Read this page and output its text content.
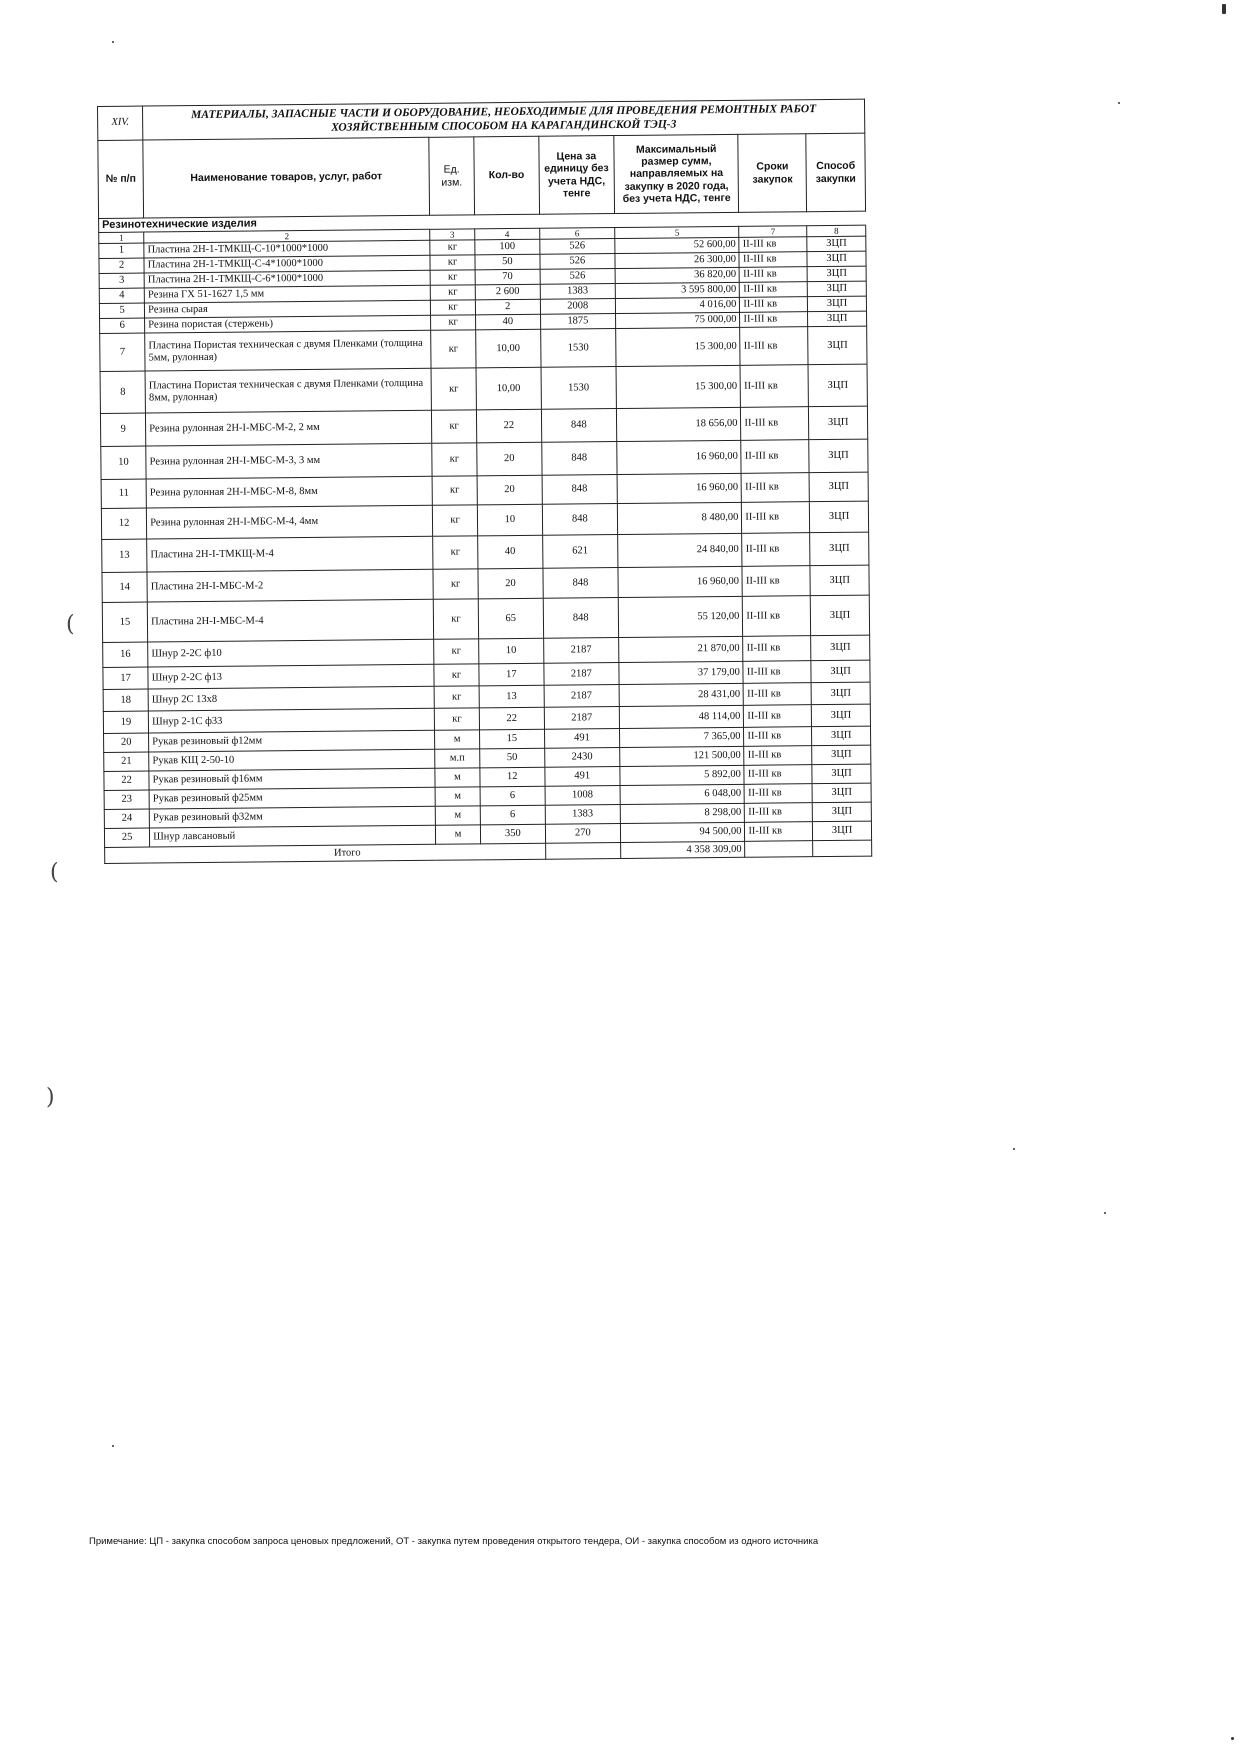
XIV.	МАТЕРИАЛЫ, ЗАПАСНЫЕ ЧАСТИ И ОБОРУДОВАНИЕ, НЕОБХОДИМЫЕ ДЛЯ ПРОВЕДЕНИЯ РЕМОНТНЫХ РАБОТ ХОЗЯЙСТВЕННЫМ СПОСОБОМ НА КАРАГАНДИНСКОЙ ТЭЦ-3						
№ п/п	Наименование товаров, услуг, работ	Ед. изм.	Кол-во	Цена за единицу без учета НДС, тенге	Максимальный размер сумм, направляемых на закупку в 2020 года, без учета НДС, тенге	Сроки закупок	Способ закупки
Резинотехнические изделия							
1	2	3	4	6	5	7	8
1	Пластина 2Н-1-ТМКЩ-С-10*1000*1000	кг	100	526	52 600,00	II-III кв	ЗЦП
2	Пластина 2Н-1-ТМКЩ-С-4*1000*1000	кг	50	526	26 300,00	II-III кв	ЗЦП
3	Пластина 2Н-1-ТМКЩ-С-6*1000*1000	кг	70	526	36 820,00	II-III кв	ЗЦП
4	Резина ГХ 51-1627 1,5 мм	кг	2 600	1383	3 595 800,00	II-III кв	ЗЦП
5	Резина сырая	кг	2	2008	4 016,00	II-III кв	ЗЦП
6	Резина пористая (стержень)	кг	40	1875	75 000,00	II-III кв	ЗЦП
7	Пластина Пористая техническая с двумя Пленками (толщина 5мм, рулонная)	кг	10,00	1530	15 300,00	II-III кв	ЗЦП
8	Пластина Пористая техническая с двумя Пленками (толщина 8мм, рулонная)	кг	10,00	1530	15 300,00	II-III кв	ЗЦП
9	Резина рулонная 2Н-I-МБС-М-2, 2 мм	кг	22	848	18 656,00	II-III кв	ЗЦП
10	Резина рулонная 2Н-I-МБС-М-3, 3 мм	кг	20	848	16 960,00	II-III кв	ЗЦП
11	Резина рулонная 2Н-I-МБС-М-8, 8мм	кг	20	848	16 960,00	II-III кв	ЗЦП
12	Резина рулонная 2Н-I-МБС-М-4, 4мм	кг	10	848	8 480,00	II-III кв	ЗЦП
13	Пластина 2Н-I-ТМКЩ-М-4	кг	40	621	24 840,00	II-III кв	ЗЦП
14	Пластина 2Н-I-МБС-М-2	кг	20	848	16 960,00	II-III кв	ЗЦП
15	Пластина 2Н-I-МБС-М-4	кг	65	848	55 120,00	II-III кв	ЗЦП
16	Шнур 2-2С ф10	кг	10	2187	21 870,00	II-III кв	ЗЦП
17	Шнур 2-2С ф13	кг	17	2187	37 179,00	II-III кв	ЗЦП
18	Шнур 2С 13х8	кг	13	2187	28 431,00	II-III кв	ЗЦП
19	Шнур 2-1С ф33	кг	22	2187	48 114,00	II-III кв	ЗЦП
20	Рукав резиновый ф12мм	м	15	491	7 365,00	II-III кв	ЗЦП
21	Рукав КЩ 2-50-10	м.п	50	2430	121 500,00	II-III кв	ЗЦП
22	Рукав резиновый ф16мм	м	12	491	5 892,00	II-III кв	ЗЦП
23	Рукав резиновый ф25мм	м	6	1008	6 048,00	II-III кв	ЗЦП
24	Рукав резиновый ф32мм	м	6	1383	8 298,00	II-III кв	ЗЦП
25	Шнур лавсановый	м	350	270	94 500,00	II-III кв	ЗЦП
	Итого				4 358 309,00		
Примечание: ЦП - закупка способом запроса ценовых предложений, ОТ - закупка путем проведения открытого тендера, ОИ - закупка способом из одного источника
(
(
)
